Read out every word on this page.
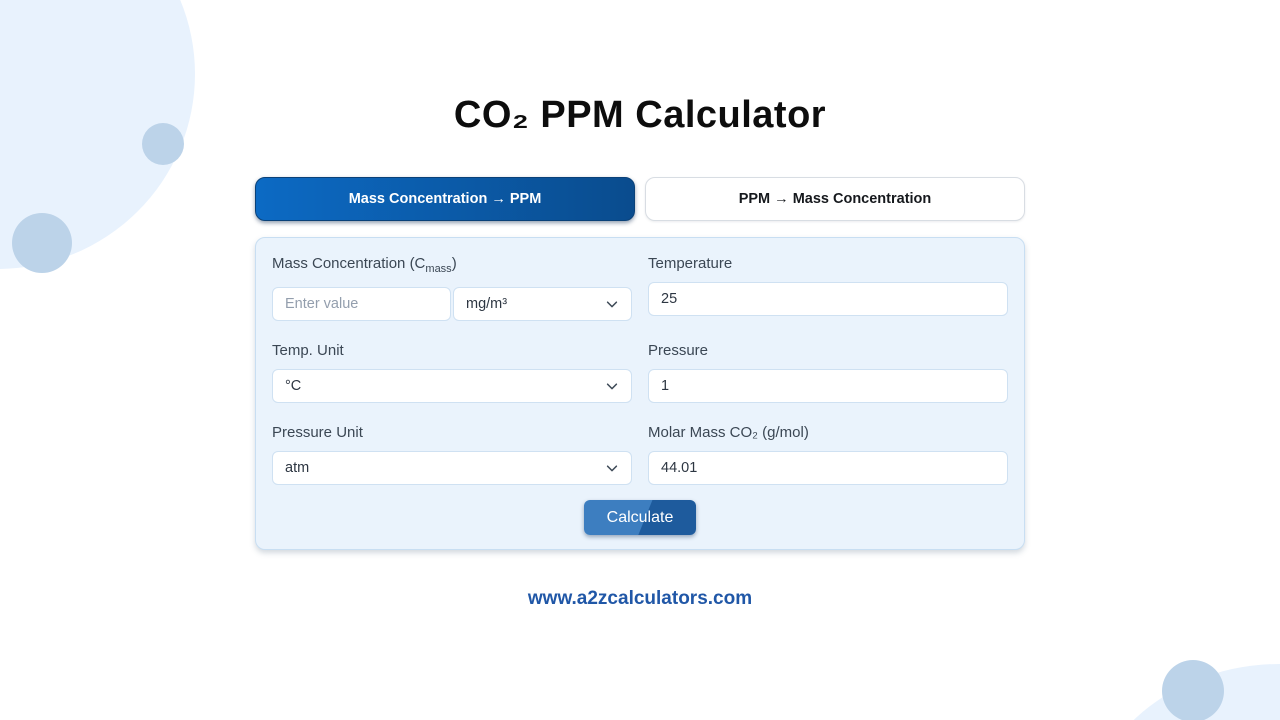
CO₂ PPM Calculator
Mass Concentration → PPM	PPM → Mass Concentration
Mass Concentration $(C_{mass})$
Enter value
mg/m³
Temperature
25
Temp. Unit
°C
Pressure
1
Pressure Unit
atm
Molar Mass CO₂ (g/mol)
44.01
Calculate
www.a2zcalculators.com
